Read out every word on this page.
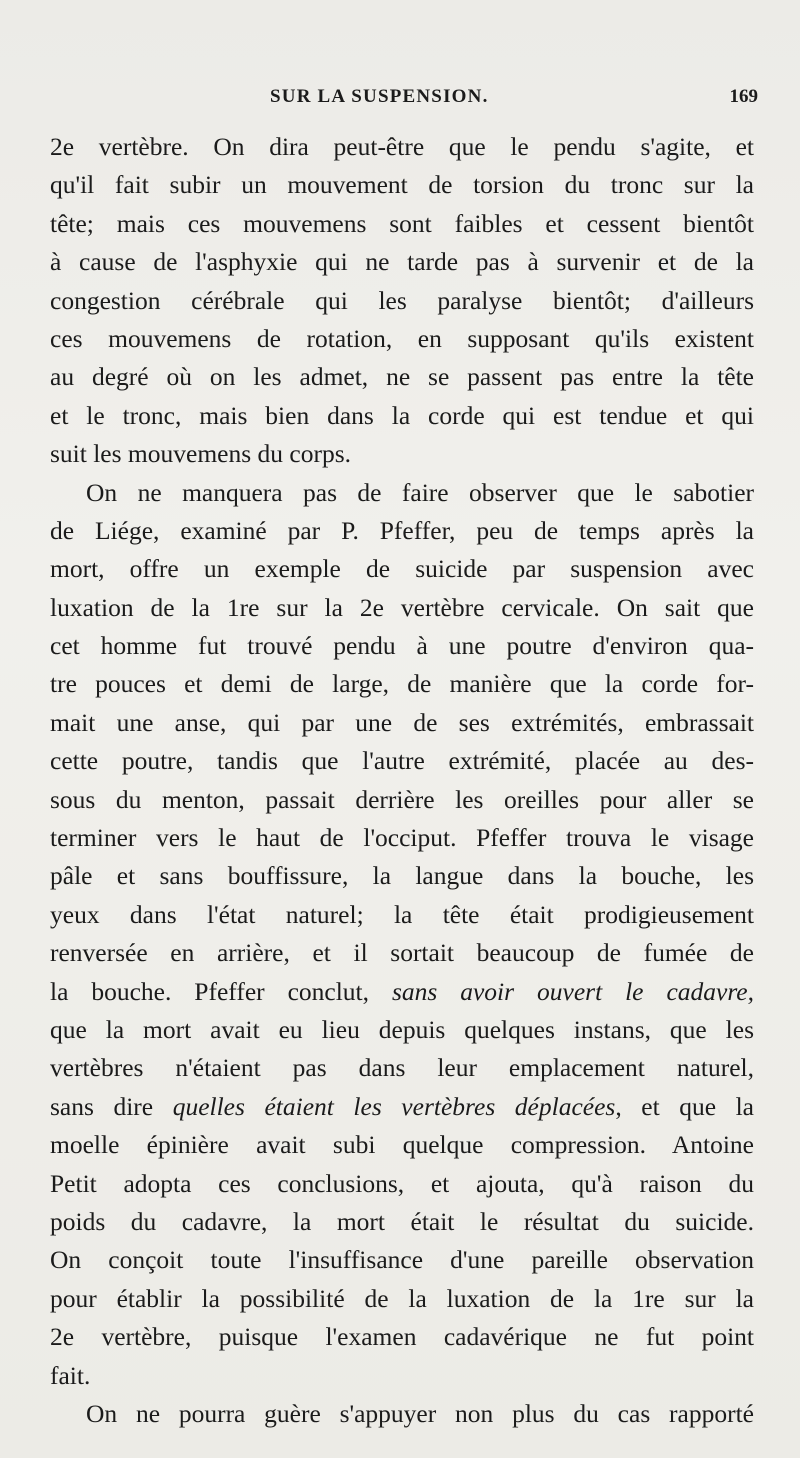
SUR LA SUSPENSION.	169
2e vertèbre. On dira peut-être que le pendu s'agite, et
qu'il fait subir un mouvement de torsion du tronc sur la
tête; mais ces mouvemens sont faibles et cessent bientôt
à cause de l'asphyxie qui ne tarde pas à survenir et de la
congestion cérébrale qui les paralyse bientôt; d'ailleurs
ces mouvemens de rotation, en supposant qu'ils existent
au degré où on les admet, ne se passent pas entre la tête
et le tronc, mais bien dans la corde qui est tendue et qui
suit les mouvemens du corps.
On ne manquera pas de faire observer que le sabotier
de Liége, examiné par P. Pfeffer, peu de temps après la
mort, offre un exemple de suicide par suspension avec
luxation de la 1re sur la 2e vertèbre cervicale. On sait que
cet homme fut trouvé pendu à une poutre d'environ qua-
tre pouces et demi de large, de manière que la corde for-
mait une anse, qui par une de ses extrémités, embrassait
cette poutre, tandis que l'autre extrémité, placée au des-
sous du menton, passait derrière les oreilles pour aller se
terminer vers le haut de l'occiput. Pfeffer trouva le visage
pâle et sans bouffissure, la langue dans la bouche, les
yeux dans l'état naturel; la tête était prodigieusement
renversée en arrière, et il sortait beaucoup de fumée de
la bouche. Pfeffer conclut, sans avoir ouvert le cadavre,
que la mort avait eu lieu depuis quelques instans, que les
vertèbres n'étaient pas dans leur emplacement naturel,
sans dire quelles étaient les vertèbres déplacées, et que la
moelle épinière avait subi quelque compression. Antoine
Petit adopta ces conclusions, et ajouta, qu'à raison du
poids du cadavre, la mort était le résultat du suicide.
On conçoit toute l'insuffisance d'une pareille observation
pour établir la possibilité de la luxation de la 1re sur la
2e vertèbre, puisque l'examen cadavérique ne fut point
fait.
On ne pourra guère s'appuyer non plus du cas rapporté
